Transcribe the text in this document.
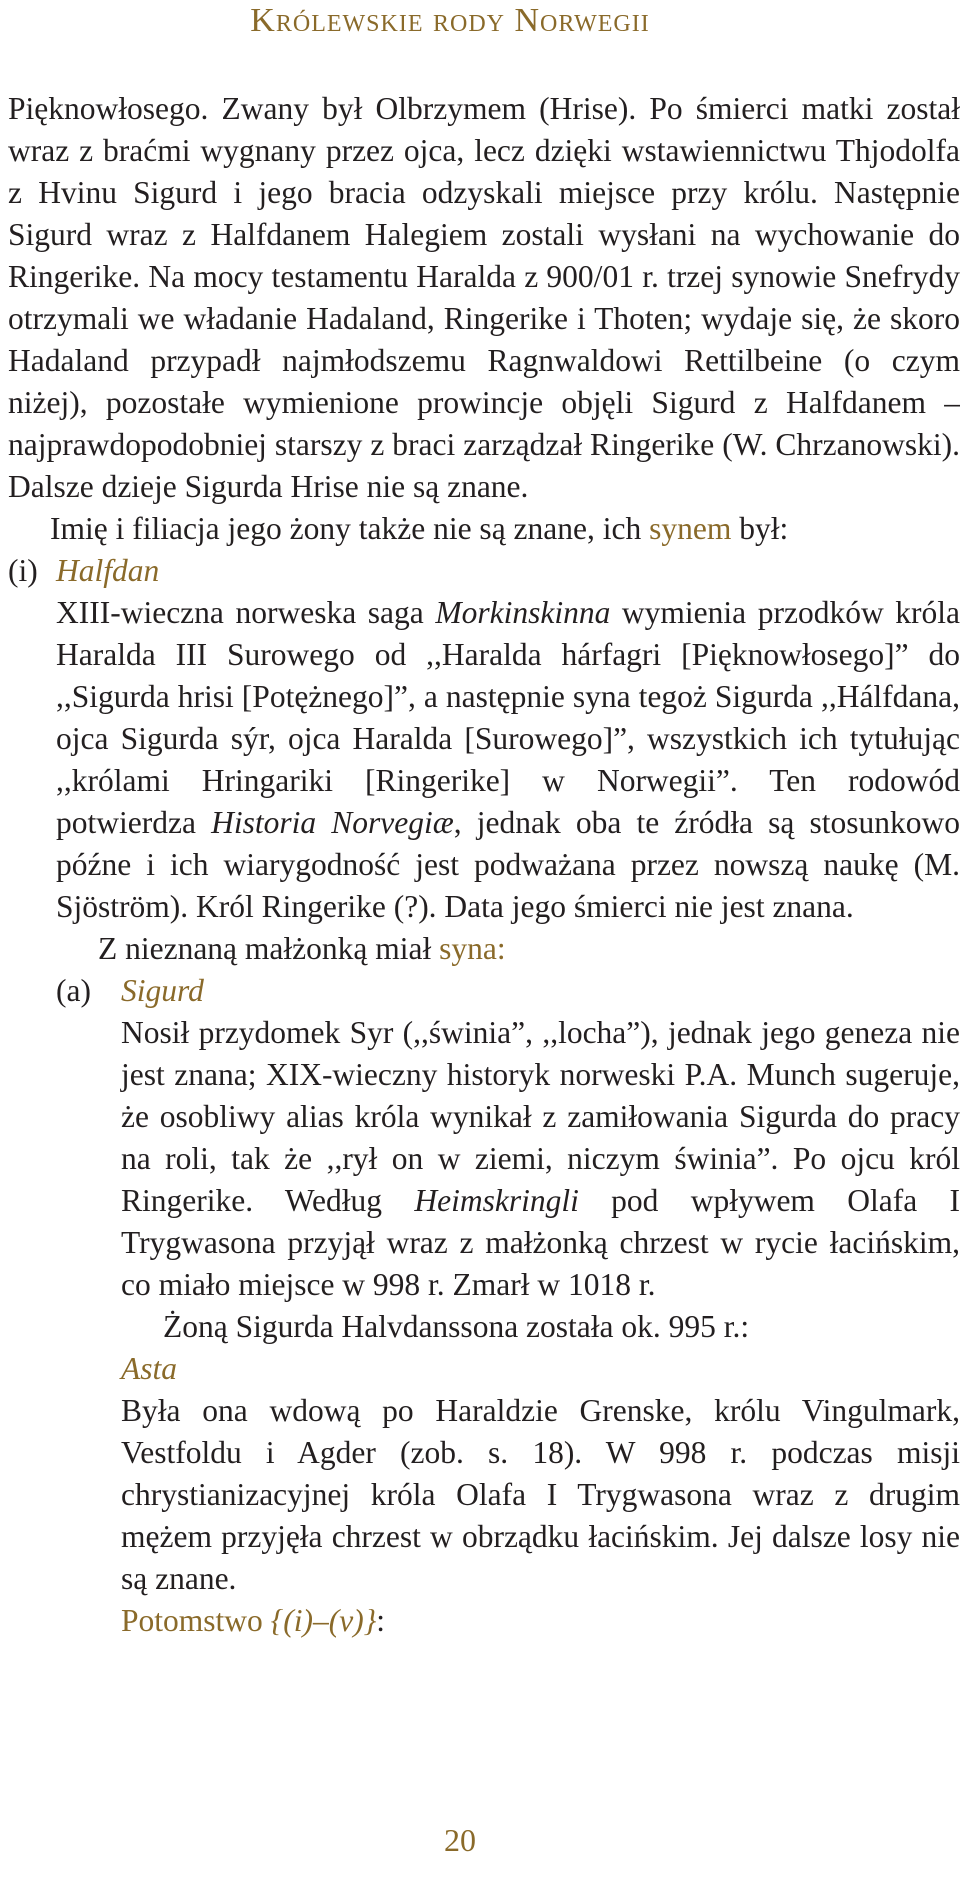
Królewskie rody Norwegii

Pięknowłosego. Zwany był Olbrzymem (Hrise). Po śmierci matki został wraz z braćmi wygnany przez ojca, lecz dzięki wstawiennictwu Thjodolfa z Hvinu Sigurd i jego bracia odzyskali miejsce przy królu. Następnie Sigurd wraz z Halfdanem Halegiem zostali wysłani na wychowanie do Ringerike. Na mocy testamentu Haralda z 900/01 r. trzej synowie Snefrydy otrzymali we władanie Hadaland, Ringerike i Thoten; wydaje się, że skoro Hadaland przypadł najmłodszemu Ragnwaldowi Rettilbeine (o czym niżej), pozostałe wymienione prowincje objęli Sigurd z Halfdanem – najprawdopodobniej starszy z braci zarządzał Ringerike (W. Chrzanowski). Dalsze dzieje Sigurda Hrise nie są znane.

Imię i filiacja jego żony także nie są znane, ich synem był:

(i) Halfdan

XIII-wieczna norweska saga Morkinskinna wymienia przodków króla Haralda III Surowego od ,,Haralda hárfagri [Pięknowłosego]” do ,,Sigurda hrisi [Potężnego]”, a następnie syna tegoż Sigurda ,,Hálfdana, ojca Sigurda sýr, ojca Haralda [Surowego]”, wszystkich ich tytułując ,,królami Hringariki [Ringerike] w Norwegii”. Ten rodowód potwierdza Historia Norvegiæ, jednak oba te źródła są stosunkowo późne i ich wiarygodność jest podważana przez nowszą naukę (M. Sjöström). Król Ringerike (?). Data jego śmierci nie jest znana.

Z nieznaną małżonką miał syna:

(a) Sigurd

Nosił przydomek Syr (,,świnia”, ,,locha”), jednak jego geneza nie jest znana; XIX-wieczny historyk norweski P.A. Munch sugeruje, że osobliwy alias króla wynikał z zamiłowania Sigurda do pracy na roli, tak że ,,rył on w ziemi, niczym świnia”. Po ojcu król Ringerike. Według Heimskringli pod wpływem Olafa I Trygwasona przyjął wraz z małżonką chrzest w rycie łacińskim, co miało miejsce w 998 r. Zmarł w 1018 r.

Żoną Sigurda Halvdanssona została ok. 995 r.:

Asta

Była ona wdową po Haraldzie Grenske, królu Vingulmark, Vestfoldu i Agder (zob. s. 18). W 998 r. podczas misji chrystianizacyjnej króla Olafa I Trygwasona wraz z drugim mężem przyjęła chrzest w obrządku łacińskim. Jej dalsze losy nie są znane.

Potomstwo {(i)–(v)}:

20
